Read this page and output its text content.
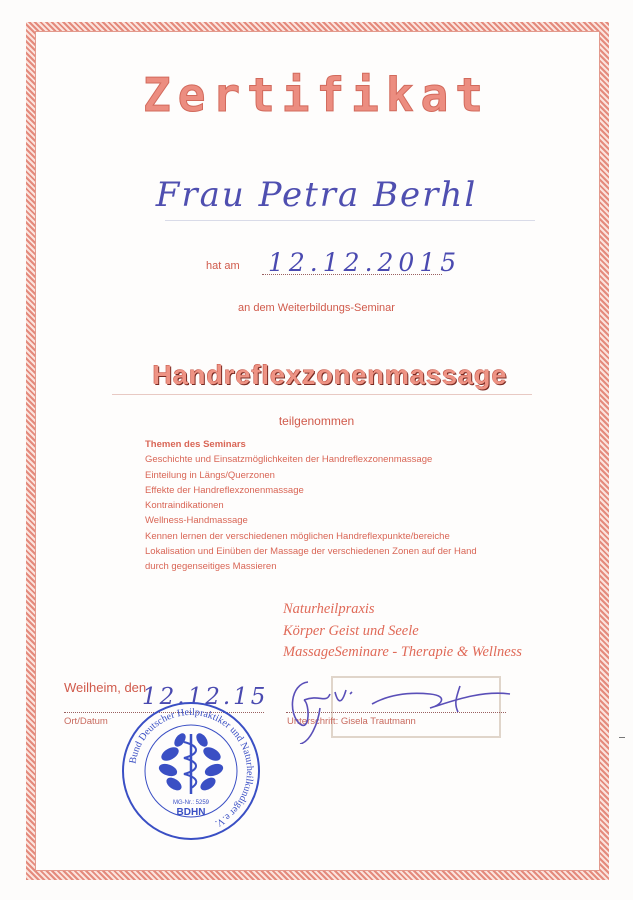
Zertifikat
Frau Petra Berhl
hat am 12.12.2015
an dem Weiterbildungs-Seminar
Handreflexzonenmassage
teilgenommen
Themen des Seminars
Geschichte und Einsatzmöglichkeiten der Handreflexzonenmassage
Einteilung in Längs/Querzonen
Effekte der Handreflexzonenmassage
Kontraindikationen
Wellness-Handmassage
Kennen lernen der verschiedenen möglichen Handreflexpunkte/bereiche
Lokalisation und Einüben der Massage der verschiedenen Zonen auf der Hand
durch gegenseitiges Massieren
Naturheilpraxis
Körper Geist und Seele
MassageSeminare - Therapie & Wellness
Weilheim, den
12.12.15
Ort/Datum	Unterschrift: Gisela Trautmann
Bund Deutscher Heilpraktiker und Naturheilkundiger e.V.
MG-Nr.: 5259
BDHN
